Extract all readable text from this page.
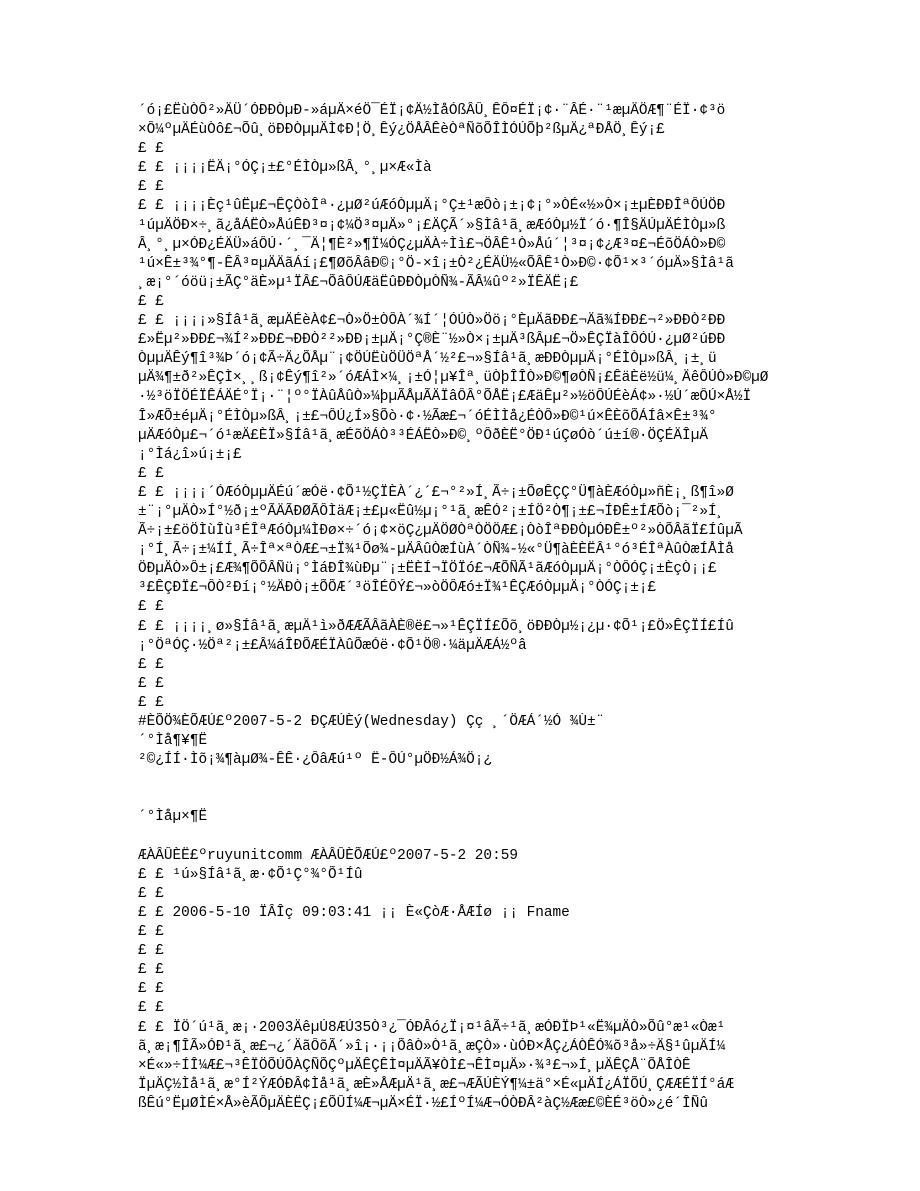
´ó¡£ËùÒÔ²»ÄÜ´ÓÐÐÒµÐ-»áµÄ×éÖ¯ÉÏ¡¢Ä½ÌåÓßÂÛ¸ÊÔ¤ÉÏ¡¢·¨ÂÉ·¨¹æµÄÖÆ¶¨ÉÏ·¢³ö
×Ô¼ºµÄÉùÒô£¬Õû¸öÐÐÒµµÄÌ¢Ð¦Ö¸Êý¿ÖÅÂÊèÒªÑõÕÎÌÓÚÕþ²ßµÄ¿ªÐÅÖ¸Êý¡£
£ £
£ £ ¡¡¡¡ËÄ¡°ÓÇ¡±£°ÉÌÒµ»ßÂ¸°¸µ×Æ«Ìà
£ £
£ £ ¡¡¡¡Èç¹ûËµ£¬ÊÇÒòÎª·¿µØ²úÆóÒµµÄ¡°Ç±¹æÔò¡±¡¢¡°»ÒÉ«½»Ò×¡±µÈÐÐÎªÔÚÖÐ
¹úµÄÖÐ×÷¸ã¿åÁËÒ»ÅúÊÐ³¤¡¢¼Ö³¤µÄ»°¡£ÄÇÃ´»§Ìâ¹ã¸æÆóÒµ½Ï´ó·¶Î§ÄÚµÄÉÌÒµ»ß
Â¸°¸µ×ÓÐ¿ÉÄÜ»áÔÚ·´¸¯Ä¦¶È²»¶Ï¼ÓÇ¿µÄÀ÷Ìì£¬ÖÂÊ¹Ò»Åú´¦³¤¡¢¿Æ³¤£¬ÉõÖÁÒ»Ð©
¹ú×Ê±³¾°¶-ÊÂ³¤µÄÄãÁí¡£¶ØõÂâÐ©¡°Ö-×î¡±Ò²¿ÉÄÜ½«ÕÂÊ¹Ò»Ð©·¢Õ¹×³´óµÄ»§Ìâ¹ã
¸æ¡°´óöü¡±ÃÇ°äÈ»µ¹ÏÂ£¬ÕâÔÚÆäËûÐÐÒµÒÑ¾-ÃÂ¼ûº²»ÏÊÄË¡£
£ £
£ £ ¡¡¡¡»§Íâ¹ã¸æµÄÉèÀ¢£¬Ò»Ö±ÒÔÀ´¾Í´¦ÓÚÒ»Öö¡°ÈµÄãÐÐ£¬Äã¾ÍÐÐ£¬²»ÐÐÒ²ÐÐ
£»Ëµ²»ÐÐ£¬¾Í²»ÐÐ£¬ÐÐÒ²²»ÐÐ¡±µÄ¡°Ç®È¨½»Ò×¡±µÄ³ßÂµ£¬Ö»ÊÇÏàÎÔÓÚ·¿µØ²úÐÐ
ÒµµÄÊý¶î³¾Þ´ó¡¢Ã÷Ä¿ÕÅµ¨¡¢ÖÚËùÖÜÖªÅ´½²£¬»§Íâ¹ã¸æÐÐÒµµÄ¡°ÉÌÒµ»ßÂ¸¡±¸ü
µÄ¾¶±ð²»ÊÇÌ×¸¸ß¡¢Êý¶î²»´óÆÁÌ×¼¸¡±Ó¦µ¥Îª¸üÒþÎÎÒ»Ð©¶øÒÑ¡£ÊäÈë½ü¼¸ÄêÔÚÒ»Ð©µØ
·½³öÏÖÉÏÊÁÄÉ°Ï¡·¨¦º°ÏÀûÅûÒ»¼þµÃÅµÃÄÏâÔÂ°ÕÅË¡£ÆäÊµ²»½öÔÚÉèÁ¢»·½Ú´æÔÚ×Å½Ï
Î»ÆÕ±éµÄ¡°ÉÌÒµ»ßÂ¸¡±£¬ÔÚ¿Í»§Õò·¢·½Ãæ£¬´óÉÌÌå¿ÉÒÔ»Ð©¹ú×ÊÈõÕÁÍâ×Ê±³¾°
µÄÆóÒµ£¬´ó¹æÄ£ÈÏ»§Íâ¹ã¸æÉõÖÁÒ³³ÉÁËÒ»Ð©¸ºÔðÈË°ÖÐ¹úÇøÓò´ú±í®·ÖÇÉÄÎµÄ
¡°Ìá¿î»ú¡±¡£
£ £
£ £ ¡¡¡¡´ÓÆóÒµµÄÉú´æÓë·¢Õ¹½ÇÏÈÀ´¿´£¬°²»Í¸Ã÷¡±ÕøÊÇÇ°Ü¶àÈÆóÒµ»ñÈ¡¸ß¶î»Ø
±¨¡°µÄÒ»Í°½ð¡±ºÃÄÃÐØÃÔÌäÆ¡±£µ«Ëû½µ¡°¹ã¸æÊÓ²¡±ÍÖ²Ò¶¡±£¬ÍÐÊ±ÍÆÕò¡¯²»Í¸
Ã÷¡±£öÖÌùÎù³ÉÎªÆóÒµ¼ÌÐø×÷´ó¡¢×öÇ¿µÄÖØÒªÒÖÖÆ£¡ÒòÎªÐÐÒµÓÐÊ±º²»ÒÕÂãÏ£ÍûµÃ
¡°Í¸Ã÷¡±¼ÍÍ¸Ã÷Îª×ªÒÆ£¬±Ï¾¹Õø¾-µÄÂûÒæÍùÀ´ÒÑ¾-½«°Ü¶àÈÈËÂ¹°ó³ÉÎªÀûÒæÍÅÌå
ÖÐµÄÒ»Ô±¡£Æ¾¶ÕÕÂÑü¡°ÌáÐÎ¾ùÐµ¨¡±ËÈÍ¬ÏÖÏó£¬ÆÕÑÃ¹ãÆóÒµµÄ¡°ÒÔÓÇ¡±ÈçÒ¡¡£
³£ÊÇÐÏ£¬ÔÒ²Ðí¡°½ÄÐÒ¡±ÕÕÆ´³öÎÉÔÝ£¬»òÖÔÆó±Ï¾¹ÊÇÆóÒµµÄ¡°ÒÓÇ¡±¡£
£ £
£ £ ¡¡¡¡¸ø»§Íâ¹ã¸æµÄ¹ì»ðÆÆÃÂãÀÈ®ë£¬»¹ÊÇÏÍ£Õõ¸öÐÐÒµ½¡¿µ·¢Õ¹¡£Ö»ÊÇÏÍ£Íû
¡°ÖªÓÇ·½Öª²¡±£Â¼áÎÐÕÆÉÏÀûÕæÓë·¢Õ¹Ö®·¼äµÄÆÁ½ºâ
£ £
£ £
£ £
#ÈÕÖ¾ÈÕÆÚ£º2007-5-2 ÐÇÆÚÈý(Wednesday) Çç ¸´ÖÆÁ´½Ó ¾Ù±¨
´°Ìå¶¥¶Ë
²©¿ÍÍ·Ìõ¡¾¶àµØ¾-ÊÊ·¿ÔâÆú¹º Ë-ÔÚ°µÖÐ½Á¾Ö¡¿
´°Ìåµ×¶Ë
ÆÀÂÛÈË£ºruyunitcomm ÆÀÂÛÈÕÆÚ£º2007-5-2 20:59
£ £ ¹ú»§Íâ¹ã¸æ·¢Õ¹Ç°¾°Õ¹Íû
£ £
£ £ 2006-5-10 ÏÂÎç 09:03:41 ¡¡ È«ÇòÆ·ÅÆÍø ¡¡ Fname
£ £
£ £
£ £
£ £
£ £
£ £ ÏÖ´ú¹ã¸æ¡·2003ÄêµÚ8ÆÚ35Ò³¿¯ÓÐÂó¿Ï¡¤¹âÃ÷¹ã¸æÓÐÏÞ¹«Ë¾µÄÒ»Õû°æ¹«Òæ¹
ã¸æ¡¶ÎÃ»ÓÐ¹ã¸æ£¬¿´ÄãÔõÃ´»î¡·¡¡ÕâÒ»Ò¹ã¸æÇÒ»·ùÓÐ×ÅÇ¿ÁÒÊÓ¾õ³å»÷Ä§¹ûµÄÍ¼
×É«»÷ÍÎ¼Æ£¬³ÊÏÖÕÚÕÀÇÑÕÇºµÄÊÇÊÌ¤µÄÃ¥ÒÌ£¬ÊÌ¤µÄ»·¾³£¬»Í¸µÄÊÇÅ¨ÕÅÎÒÊ
ÏµÄÇ½Ìå¹ã¸æ°Í²ÝÆÓÐÂ¢Ìå¹ã¸æÈ»ÅÆµÄ¹ã¸æ£¬ÆÃÚÈÝ¶¼±ä°×É«µÄÍ¿ÁÏÕÚ¸ÇÆÆÉÏÍ°áÆ
ßÊú°ËµØÌÉ×Å»èÃÔµÄÈËÇ¡£ÕÛÍ¼Æ¬µÄ×ÉÏ·½£ÍºÍ¼Æ¬ÓÒÐÂ²àÇ½Ææ£©ÈÉ³öÒ»¿é´ÎÑû
